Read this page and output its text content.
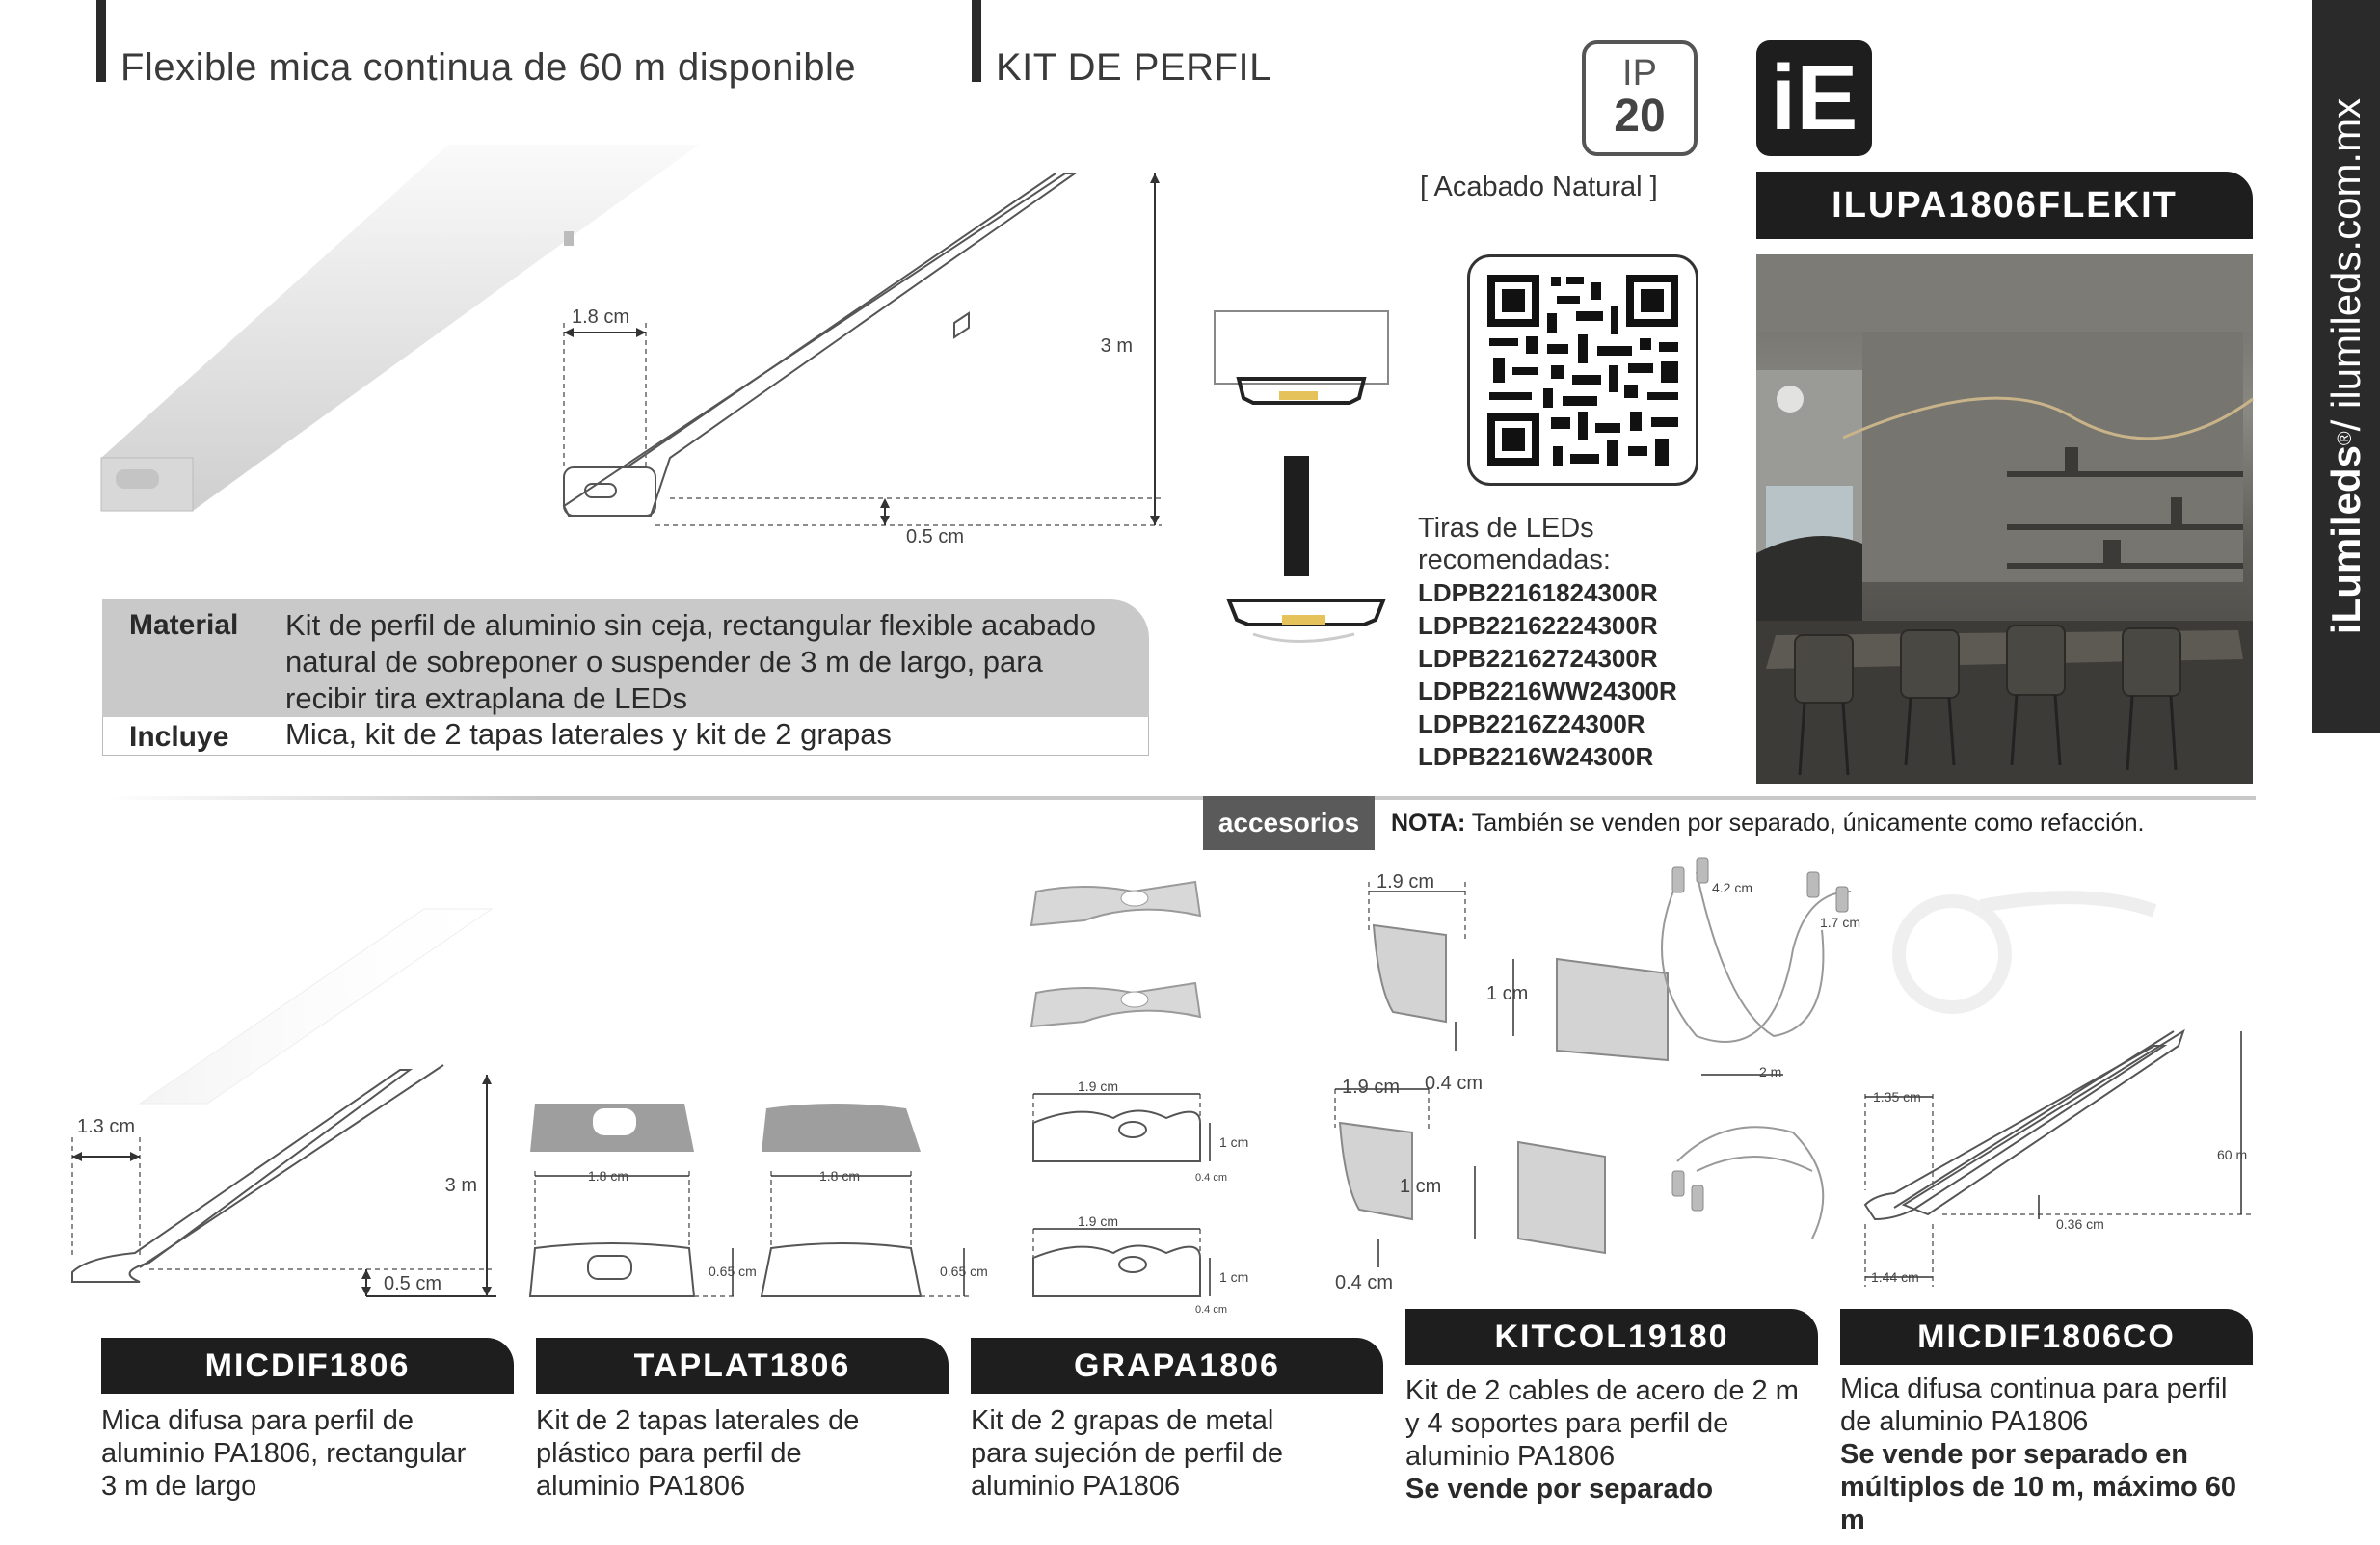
Flexible mica continua de 60 m disponible	KIT DE PERFIL	IP
20	iE
[ Acabado Natural ]	ILUPA1806FLEKIT
iLumileds
®
/ ilumileds.com.mx
1.8 cm
3 m
0.5 cm	Tiras de LEDs recomendadas:
LDPB22161824300R
LDPB22162224300R
LDPB22162724300R
LDPB2216WW24300R
LDPB2216Z24300R
LDPB2216W24300R
Material Kit de perfil de aluminio sin ceja, rectangular flexible acabado natural de sobreponer o suspender de 3 m de largo, para recibir tira extraplana de LEDs
Incluye Mica, kit de 2 tapas laterales y kit de 2 grapas
accesorios	NOTA: También se venden por separado, únicamente como refacción.
1.3 cm
3 m
0.5 cm
1.8 cm	1.8 cm
0.65 cm	0.65 cm
1.9 cm
1 cm
0.4 cm
1.9 cm
1 cm
0.4 cm
1.9 cm
1 cm
0.4 cm
1.9 cm
1 cm
0.4 cm
4.2 cm
1.7 cm
2 m
1.35 cm
60 m
0.36 cm
1.44 cm
MICDIF1806	TAPLAT1806	GRAPA1806
KITCOL19180	MICDIF1806CO
Mica difusa para perfil de aluminio PA1806, rectangular 3 m de largo
Kit de 2 tapas laterales de plástico para perfil de aluminio PA1806
Kit de 2 grapas de metal para sujeción de perfil de aluminio PA1806
Kit de 2 cables de acero de 2 m y 4 soportes para perfil de aluminio PA1806
Se vende por separado
Mica difusa continua para perfil de aluminio PA1806
Se vende por separado en múltiplos de 10 m, máximo 60 m
